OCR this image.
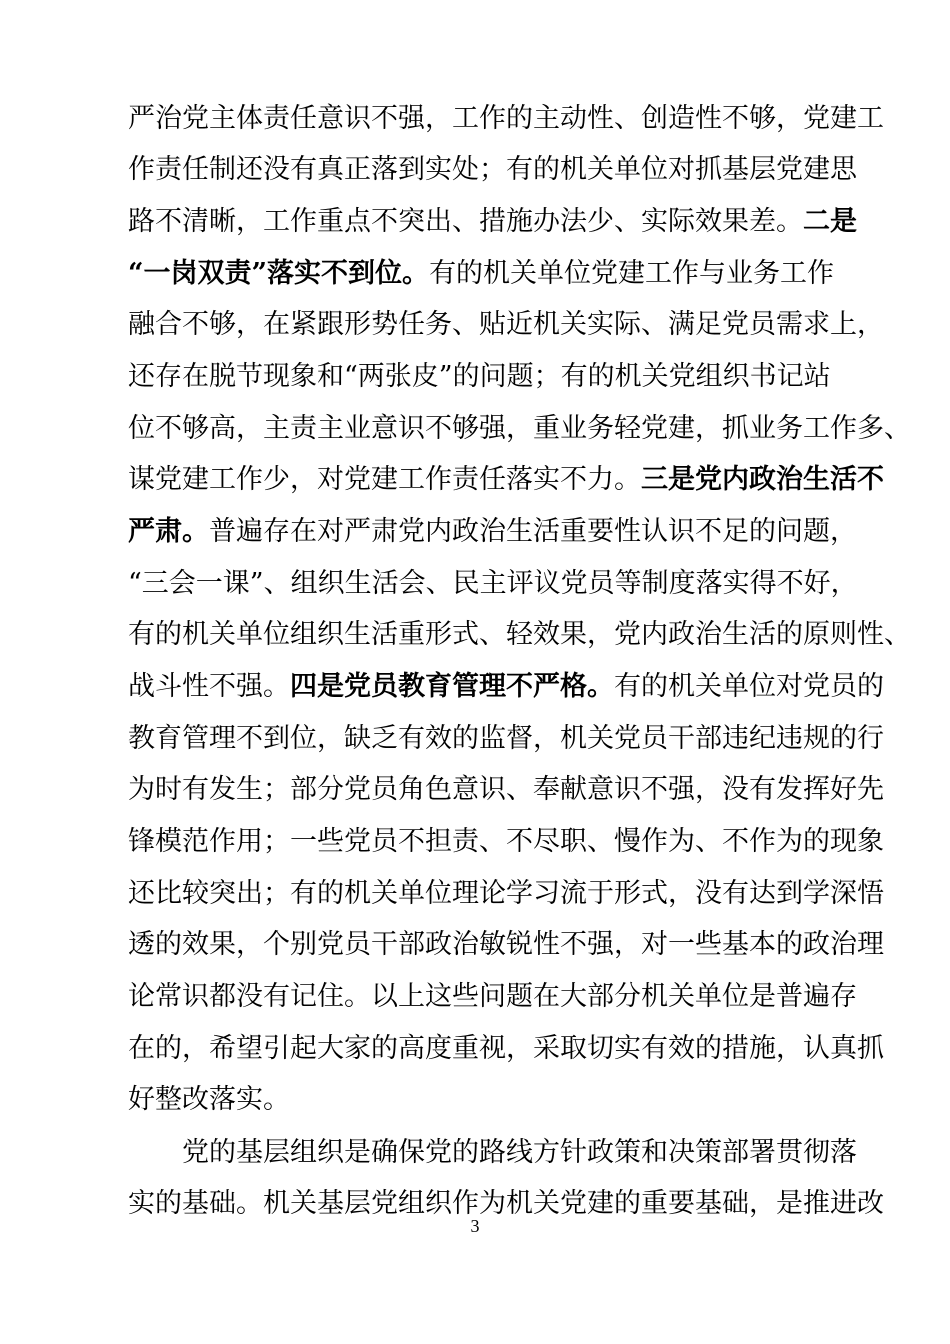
严治党主体责任意识不强，工作的主动性、创造性不够，党建工
作责任制还没有真正落到实处；有的机关单位对抓基层党建思
路不清晰，工作重点不突出、措施办法少、实际效果差。二是
“一岗双责”落实不到位。有的机关单位党建工作与业务工作
融合不够，在紧跟形势任务、贴近机关实际、满足党员需求上，
还存在脱节现象和“两张皮”的问题；有的机关党组织书记站
位不够高，主责主业意识不够强，重业务轻党建，抓业务工作多、
谋党建工作少，对党建工作责任落实不力。三是党内政治生活不
严肃。普遍存在对严肃党内政治生活重要性认识不足的问题，
“三会一课”、组织生活会、民主评议党员等制度落实得不好，
有的机关单位组织生活重形式、轻效果，党内政治生活的原则性、
战斗性不强。四是党员教育管理不严格。有的机关单位对党员的
教育管理不到位，缺乏有效的监督，机关党员干部违纪违规的行
为时有发生；部分党员角色意识、奉献意识不强，没有发挥好先
锋模范作用；一些党员不担责、不尽职、慢作为、不作为的现象
还比较突出；有的机关单位理论学习流于形式，没有达到学深悟
透的效果，个别党员干部政治敏锐性不强，对一些基本的政治理
论常识都没有记住。以上这些问题在大部分机关单位是普遍存
在的，希望引起大家的高度重视，采取切实有效的措施，认真抓
好整改落实。
党的基层组织是确保党的路线方针政策和决策部署贯彻落
实的基础。机关基层党组织作为机关党建的重要基础，是推进改
3
